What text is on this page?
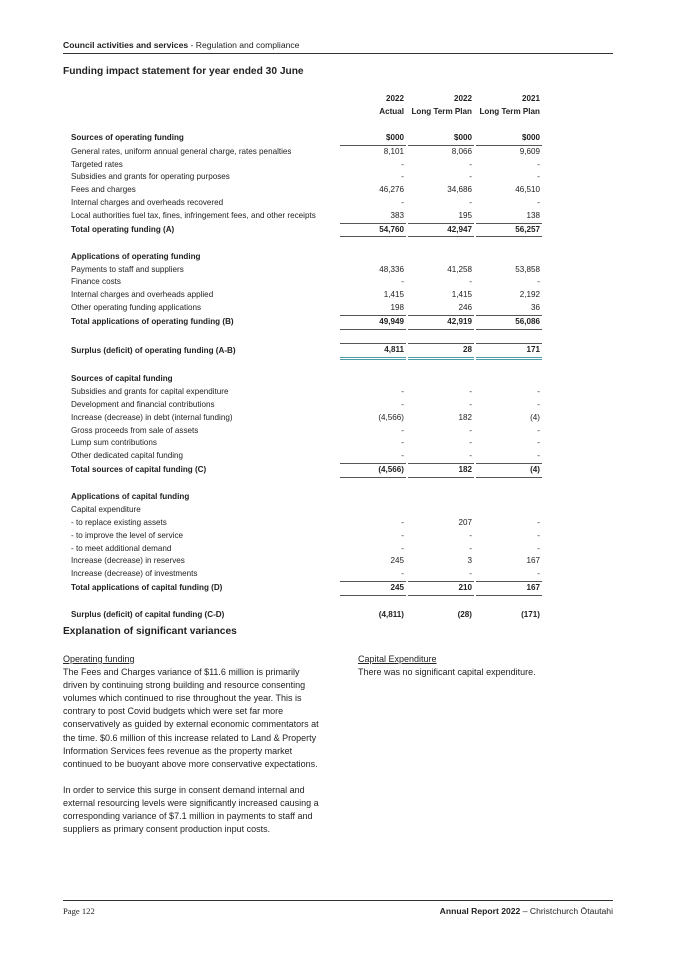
Council activities and services - Regulation and compliance
Funding impact statement for year ended 30 June
	2022		2022		2021
	Actual		Long Term Plan		Long Term Plan
Sources of operating funding	$000		$000		$000
General rates, uniform annual general charge, rates penalties	8,101		8,066		9,609
Targeted rates	-		-		-
Subsidies and grants for operating purposes	-		-		-
Fees and charges	46,276		34,686		46,510
Internal charges and overheads recovered	-		-		-
Local authorities fuel tax, fines, infringement fees, and other receipts	383		195		138
Total operating funding (A)	54,760		42,947		56,257

Applications of operating funding					
Payments to staff and suppliers	48,336		41,258		53,858
Finance costs	-		-		-
Internal charges and overheads applied	1,415		1,415		2,192
Other operating funding applications	198		246		36
Total applications of operating funding (B)	49,949		42,919		56,086

Surplus (deficit) of operating funding (A-B)	4,811		28		171

Sources of capital funding					
Subsidies and grants for capital expenditure	-		-		-
Development and financial contributions	-		-		-
Increase (decrease) in debt (internal funding)	(4,566)		182		(4)
Gross proceeds from sale of assets	-		-		-
Lump sum contributions	-		-		-
Other dedicated capital funding	-		-		-
Total sources of capital funding (C)	(4,566)		182		(4)

Applications of capital funding					
Capital expenditure					
- to replace existing assets	-		207		-
- to improve the level of service	-		-		-
- to meet additional demand	-		-		-
Increase (decrease) in reserves	245		3		167
Increase (decrease) of investments	-		-		-
Total applications of capital funding (D)	245		210		167

Surplus (deficit) of capital funding (C-D)	(4,811)		(28)		(171)
Explanation of significant variances
Operating funding

The Fees and Charges variance of $11.6 million is primarily driven by continuing strong building and resource consenting volumes which continued to rise throughout the year. This is contrary to post Covid budgets which were set far more conservatively as guided by external economic commentators at the time. $0.6 million of this increase related to Land & Property Information Services fees revenue as the property market continued to be buoyant above more conservative expectations.

In order to service this surge in consent demand internal and external resourcing levels were significantly increased causing a corresponding variance of $7.1 million in payments to staff and suppliers as primary consent production input costs.

Capital Expenditure

There was no significant capital expenditure.

Page 122	Annual Report 2022 – Christchurch Ōtautahi
